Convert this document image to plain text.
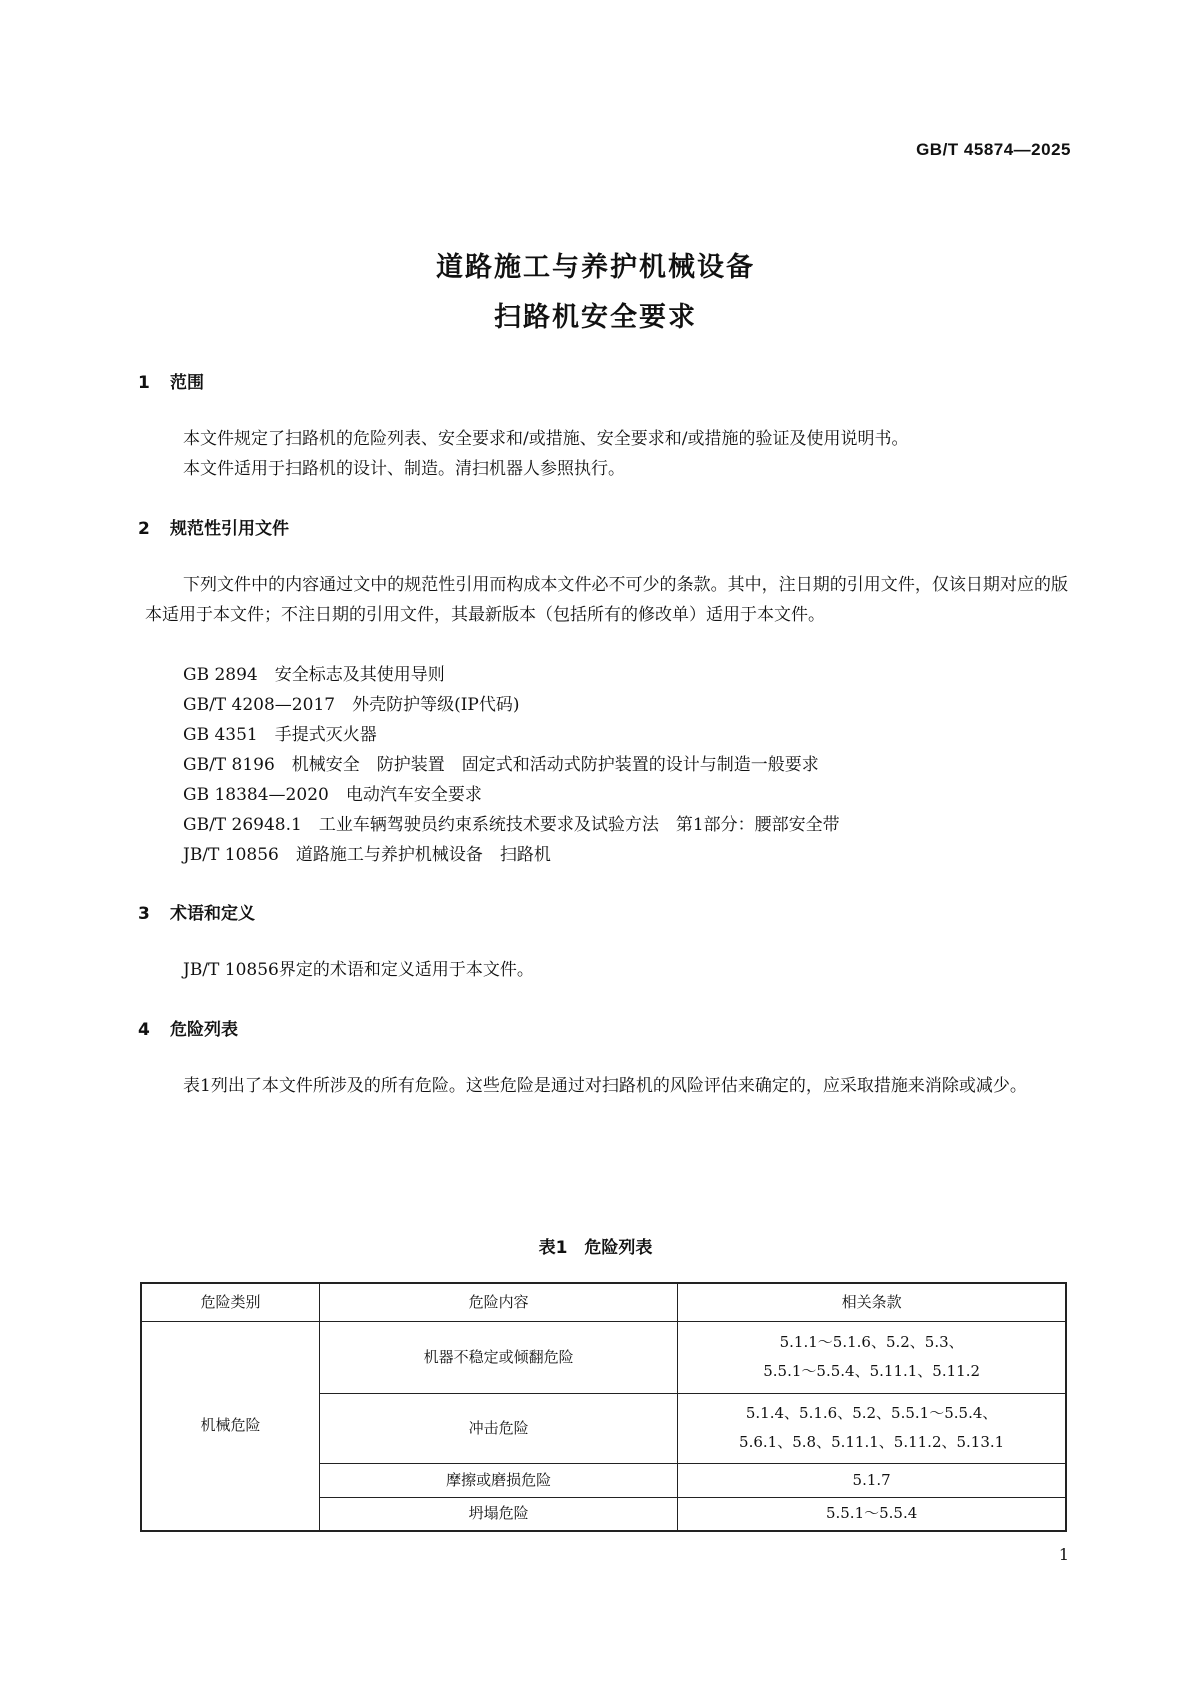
GB/T 45874—2025
道路施工与养护机械设备
扫路机安全要求
1 范围
本文件规定了扫路机的危险列表、安全要求和/或措施、安全要求和/或措施的验证及使用说明书。
本文件适用于扫路机的设计、制造。清扫机器人参照执行。
2 规范性引用文件
下列文件中的内容通过文中的规范性引用而构成本文件必不可少的条款。其中，注日期的引用文件，仅该日期对应的版本适用于本文件；不注日期的引用文件，其最新版本（包括所有的修改单）适用于本文件。
GB 2894　安全标志及其使用导则
GB/T 4208—2017　外壳防护等级(IP代码)
GB 4351　手提式灭火器
GB/T 8196　机械安全　防护装置　固定式和活动式防护装置的设计与制造一般要求
GB 18384—2020　电动汽车安全要求
GB/T 26948.1　工业车辆驾驶员约束系统技术要求及试验方法　第1部分：腰部安全带
JB/T 10856　道路施工与养护机械设备　扫路机
3 术语和定义
JB/T 10856界定的术语和定义适用于本文件。
4 危险列表
表1列出了本文件所涉及的所有危险。这些危险是通过对扫路机的风险评估来确定的，应采取措施来消除或减少。
表1　危险列表
危险类别	危险内容	相关条款
机械危险	机器不稳定或倾翻危险	5.1.1～5.1.6、5.2、5.3、
5.5.1～5.5.4、5.11.1、5.11.2

	冲击危险	5.1.4、5.1.6、5.2、5.5.1～5.5.4、
5.6.1、5.8、5.11.1、5.11.2、5.13.1

	摩擦或磨损危险	5.1.7

	坍塌危险	5.5.1～5.5.4
1
